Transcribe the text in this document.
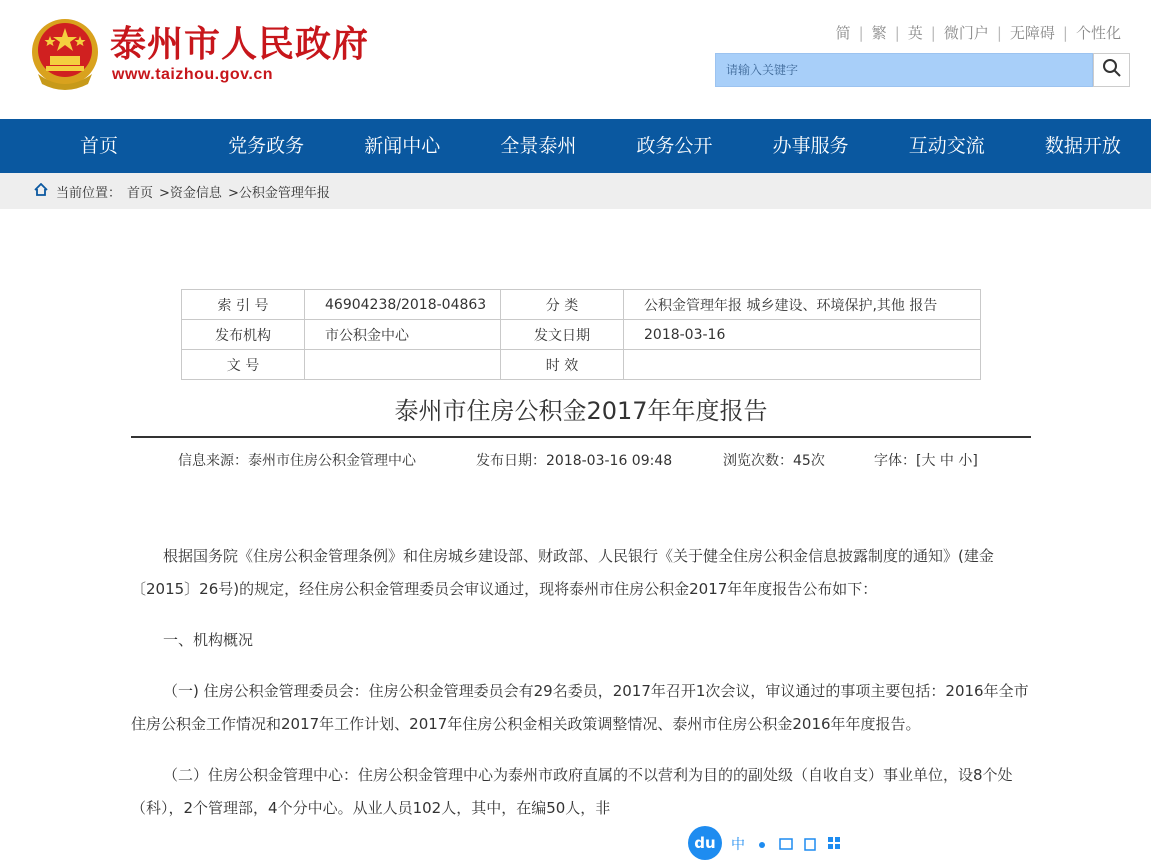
泰州市人民政府
www.taizhou.gov.cn
简 | 繁 | 英 | 微门户 | 无障碍 | 个性化
请输入关键字
首页	党务政务	新闻中心	全景泰州	政务公开	办事服务	互动交流	数据开放
当前位置： 首页 >资金信息 >公积金管理年报
索 引 号	46904238/2018-04863	分 类	公积金管理年报 城乡建设、环境保护,其他 报告
发布机构	市公积金中心	发文日期	2018-03-16
文 号		时 效	
泰州市住房公积金2017年年度报告
信息来源：泰州市住房公积金管理中心	发布日期：2018-03-16 09:48	浏览次数：45次	字体：[大 中 小]

根据国务院《住房公积金管理条例》和住房城乡建设部、财政部、人民银行《关于健全住房公积金信息披露制度的通知》(建金〔2015〕26号)的规定，经住房公积金管理委员会审议通过，现将泰州市住房公积金2017年年度报告公布如下：

一、机构概况

（一) 住房公积金管理委员会：住房公积金管理委员会有29名委员，2017年召开1次会议，审议通过的事项主要包括：2016年全市住房公积金工作情况和2017年工作计划、2017年住房公积金相关政策调整情况、泰州市住房公积金2016年年度报告。

（二）住房公积金管理中心：住房公积金管理中心为泰州市政府直属的不以营利为目的的副处级（自收自支）事业单位，设8个处（科），2个管理部，4个分中心。从业人员102人，其中，在编50人，非

du	中
